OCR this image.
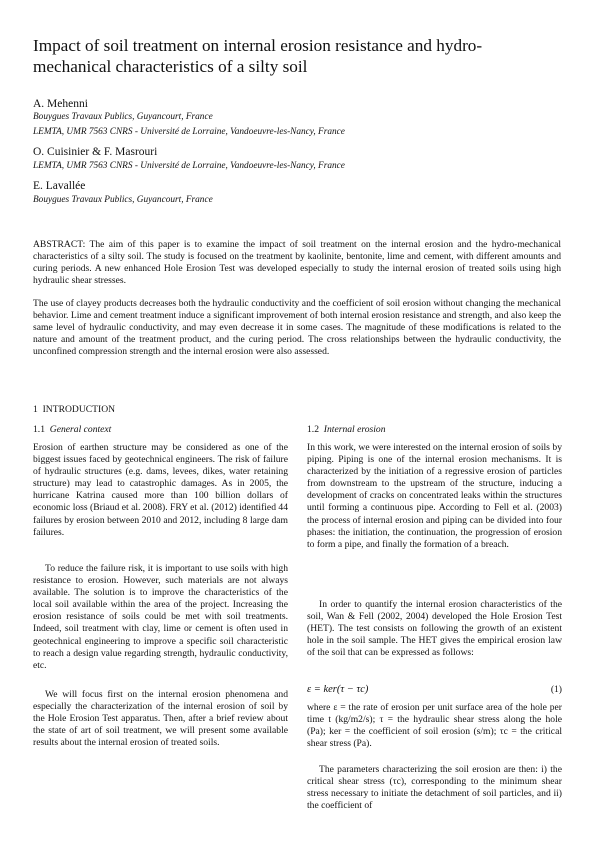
Impact of soil treatment on internal erosion resistance and hydro-mechanical characteristics of a silty soil
A. Mehenni
Bouygues Travaux Publics, Guyancourt, France
LEMTA, UMR 7563 CNRS - Université de Lorraine, Vandoeuvre-les-Nancy, France
O. Cuisinier & F. Masrouri
LEMTA, UMR 7563 CNRS - Université de Lorraine, Vandoeuvre-les-Nancy, France
E. Lavallée
Bouygues Travaux Publics, Guyancourt, France

ABSTRACT: The aim of this paper is to examine the impact of soil treatment on the internal erosion and the hydro-mechanical characteristics of a silty soil. The study is focused on the treatment by kaolinite, bentonite, lime and cement, with different amounts and curing periods. A new enhanced Hole Erosion Test was developed especially to study the internal erosion of treated soils using high hydraulic shear stresses.

The use of clayey products decreases both the hydraulic conductivity and the coefficient of soil erosion without changing the mechanical behavior. Lime and cement treatment induce a significant improvement of both internal erosion resistance and strength, and also keep the same level of hydraulic conductivity, and may even decrease it in some cases. The magnitude of these modifications is related to the nature and amount of the treatment product, and the curing period. The cross relationships between the hydraulic conductivity, the unconfined compression strength and the internal erosion were also assessed.

1 INTRODUCTION
1.1 General context

Erosion of earthen structure may be considered as one of the biggest issues faced by geotechnical engineers. The risk of failure of hydraulic structures (e.g. dams, levees, dikes, water retaining structure) may lead to catastrophic damages. As in 2005, the hurricane Katrina caused more than 100 billion dollars of economic loss (Briaud et al. 2008). FRY et al. (2012) identified 44 failures by erosion between 2010 and 2012, including 8 large dam failures.

To reduce the failure risk, it is important to use soils with high resistance to erosion. However, such materials are not always available. The solution is to improve the characteristics of the local soil available within the area of the project. Increasing the erosion resistance of soils could be met with soil treatments. Indeed, soil treatment with clay, lime or cement is often used in geotechnical engineering to improve a specific soil characteristic to reach a design value regarding strength, hydraulic conductivity, etc.

We will focus first on the internal erosion phenomena and especially the characterization of the internal erosion of soil by the Hole Erosion Test apparatus. Then, after a brief review about the state of art of soil treatment, we will present some available results about the internal erosion of treated soils.

1.2 Internal erosion

In this work, we were interested on the internal erosion of soils by piping. Piping is one of the internal erosion mechanisms. It is characterized by the initiation of a regressive erosion of particles from downstream to the upstream of the structure, inducing a development of cracks on concentrated leaks within the structures until forming a continuous pipe. According to Fell et al. (2003) the process of internal erosion and piping can be divided into four phases: the initiation, the continuation, the progression of erosion to form a pipe, and finally the formation of a breach.

In order to quantify the internal erosion characteristics of the soil, Wan & Fell (2002, 2004) developed the Hole Erosion Test (HET). The test consists on following the growth of an existent hole in the soil sample. The HET gives the empirical erosion law of the soil that can be expressed as follows:

ε = ker(τ − τc)	(1)

where ε = the rate of erosion per unit surface area of the hole per time t (kg/m2/s); τ = the hydraulic shear stress along the hole (Pa); ker = the coefficient of soil erosion (s/m); τc = the critical shear stress (Pa).

The parameters characterizing the soil erosion are then: i) the critical shear stress (τc), corresponding to the minimum shear stress necessary to initiate the detachment of soil particles, and ii) the coefficient of
